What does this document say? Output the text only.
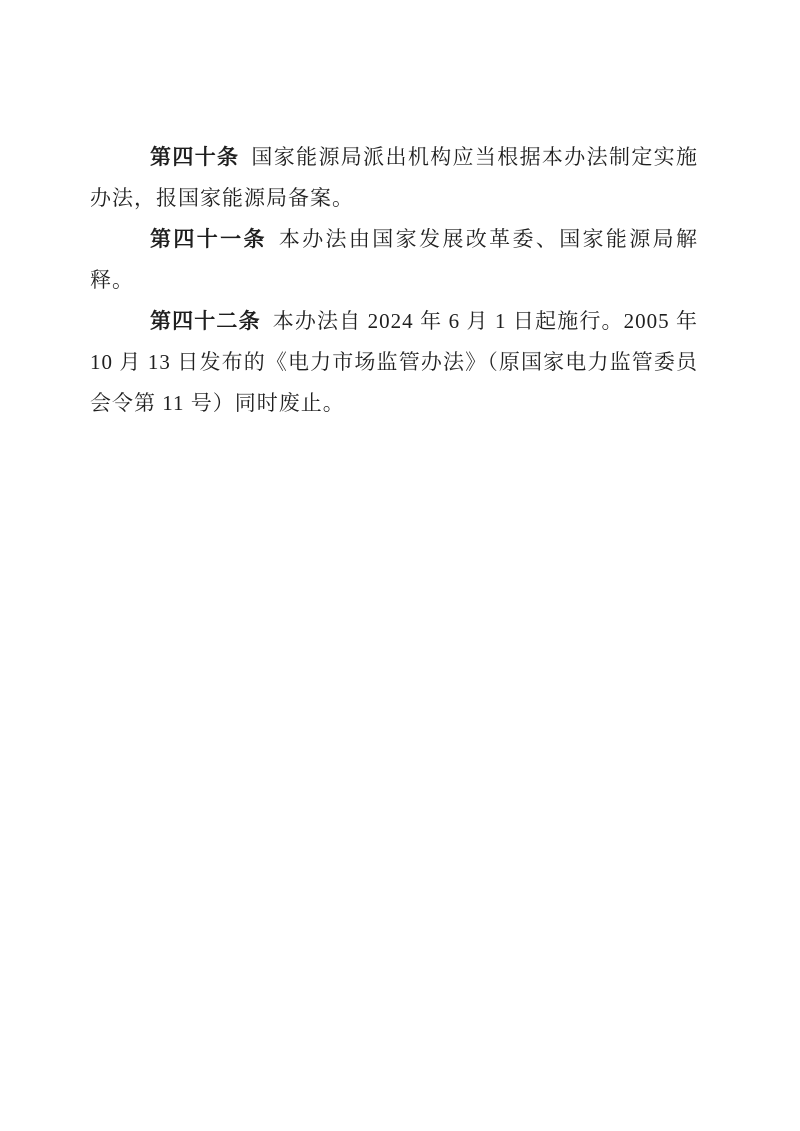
第四十条 国家能源局派出机构应当根据本办法制定实施办法，报国家能源局备案。

第四十一条 本办法由国家发展改革委、国家能源局解释。

第四十二条 本办法自 2024 年 6 月 1 日起施行。2005 年 10 月 13 日发布的《电力市场监管办法》（原国家电力监管委员会令第 11 号）同时废止。
